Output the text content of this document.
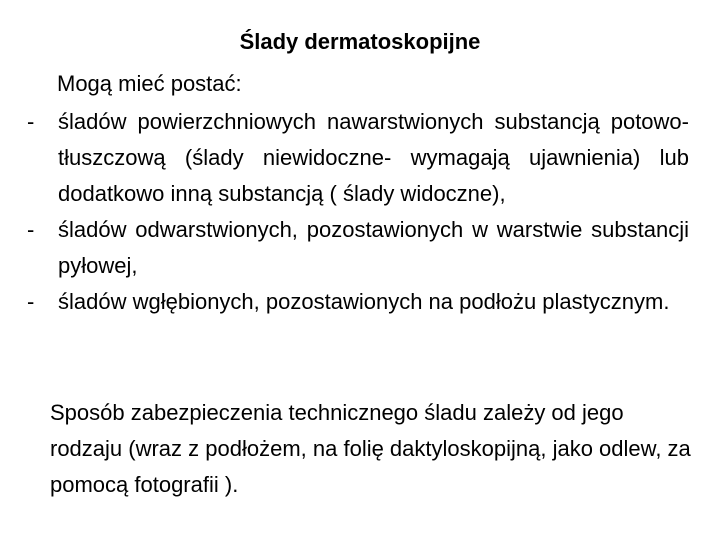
Ślady dermatoskopijne

Mogą mieć postać:

- śladów powierzchniowych nawarstwionych substancją potowo- tłuszczową (ślady niewidoczne- wymagają ujawnienia) lub dodatkowo inną substancją ( ślady widoczne),
- śladów odwarstwionych, pozostawionych w warstwie substancji pyłowej,
- śladów wgłębionych, pozostawionych na podłożu plastycznym.

Sposób zabezpieczenia technicznego śladu zależy od jego rodzaju (wraz z podłożem, na folię daktyloskopijną, jako odlew, za pomocą fotografii ).
